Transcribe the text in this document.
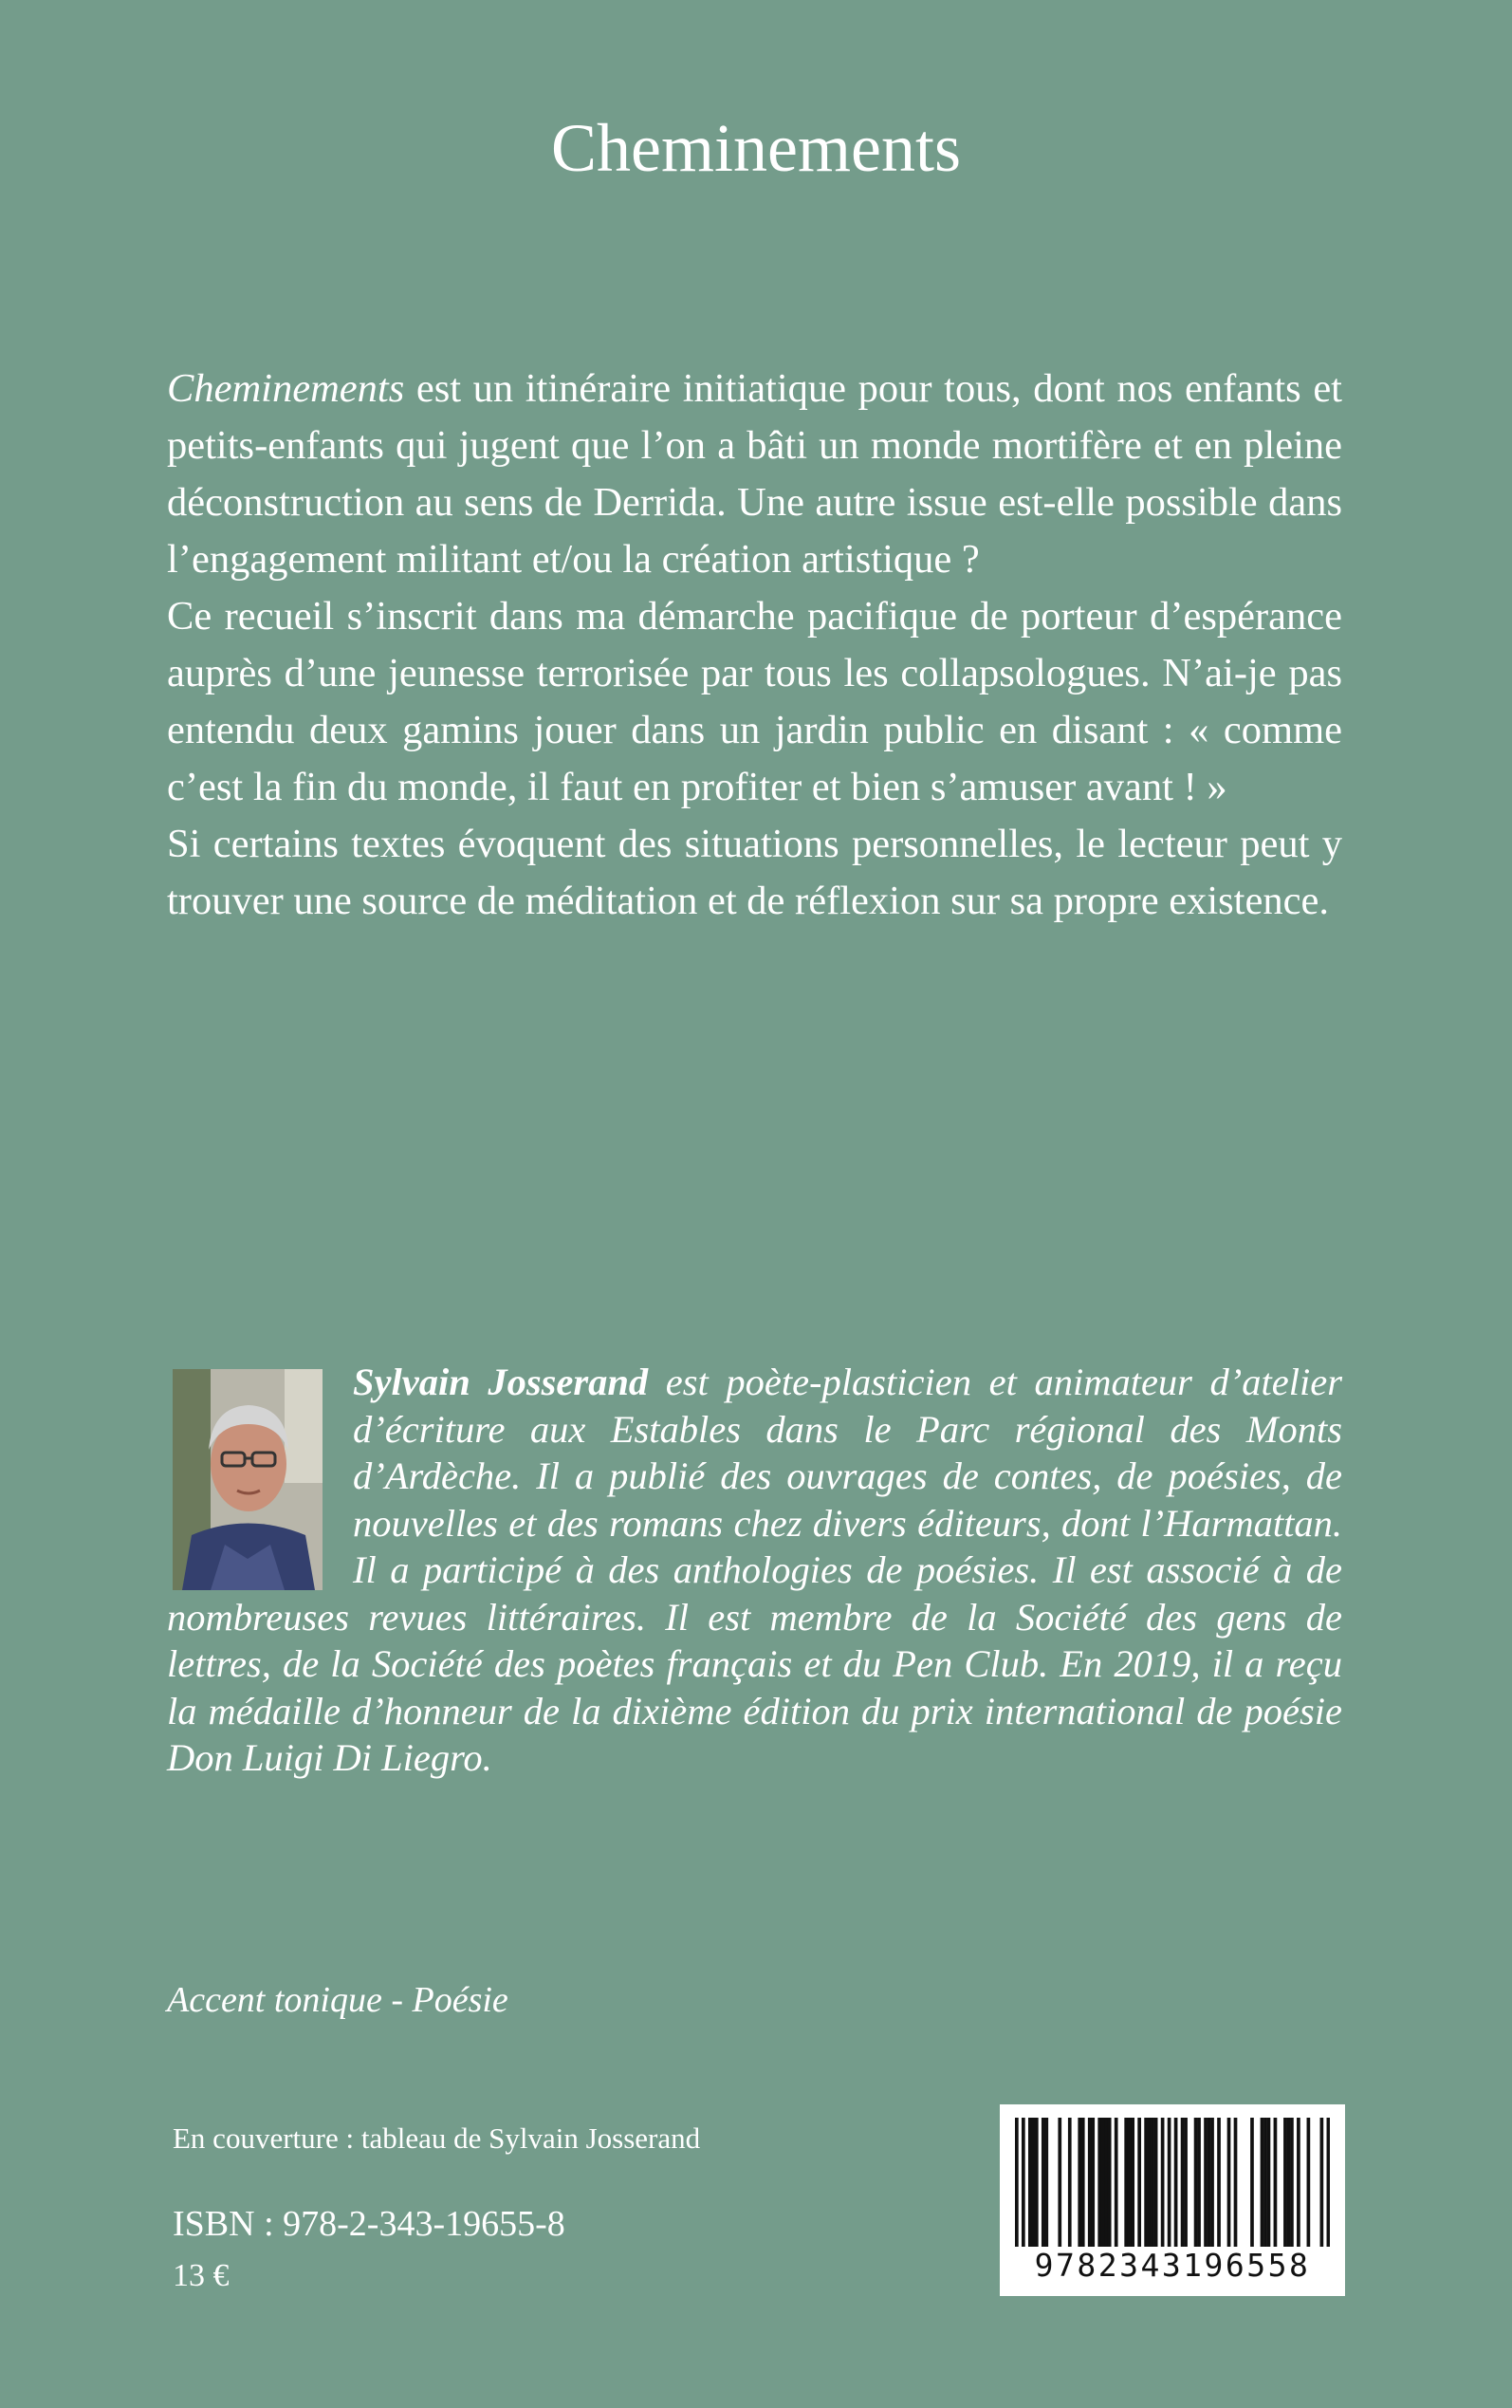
Cheminements

Cheminements est un itinéraire initiatique pour tous, dont nos enfants et petits-enfants qui jugent que l’on a bâti un monde mortifère et en pleine déconstruction au sens de Derrida. Une autre issue est-elle possible dans l’engagement militant et/ou la création artistique ?

Ce recueil s’inscrit dans ma démarche pacifique de porteur d’espérance auprès d’une jeunesse terrorisée par tous les collapsologues. N’ai-je pas entendu deux gamins jouer dans un jardin public en disant : « comme c’est la fin du monde, il faut en profiter et bien s’amuser avant ! »

Si certains textes évoquent des situations personnelles, le lecteur peut y trouver une source de méditation et de réflexion sur sa propre existence.

Sylvain Josserand est poète-plasticien et animateur d’atelier d’écriture aux Estables dans le Parc régional des Monts d’Ardèche. Il a publié des ouvrages de contes, de poésies, de nouvelles et des romans chez divers éditeurs, dont l’Harmattan. Il a participé à des anthologies de poésies. Il est associé à de nombreuses revues littéraires. Il est membre de la Société des gens de lettres, de la Société des poètes français et du Pen Club. En 2019, il a reçu la médaille d’honneur de la dixième édition du prix international de poésie Don Luigi Di Liegro.
Accent tonique - Poésie
En couverture : tableau de Sylvain Josserand
ISBN : 978-2-343-19655-8
13 €	9782343196558
